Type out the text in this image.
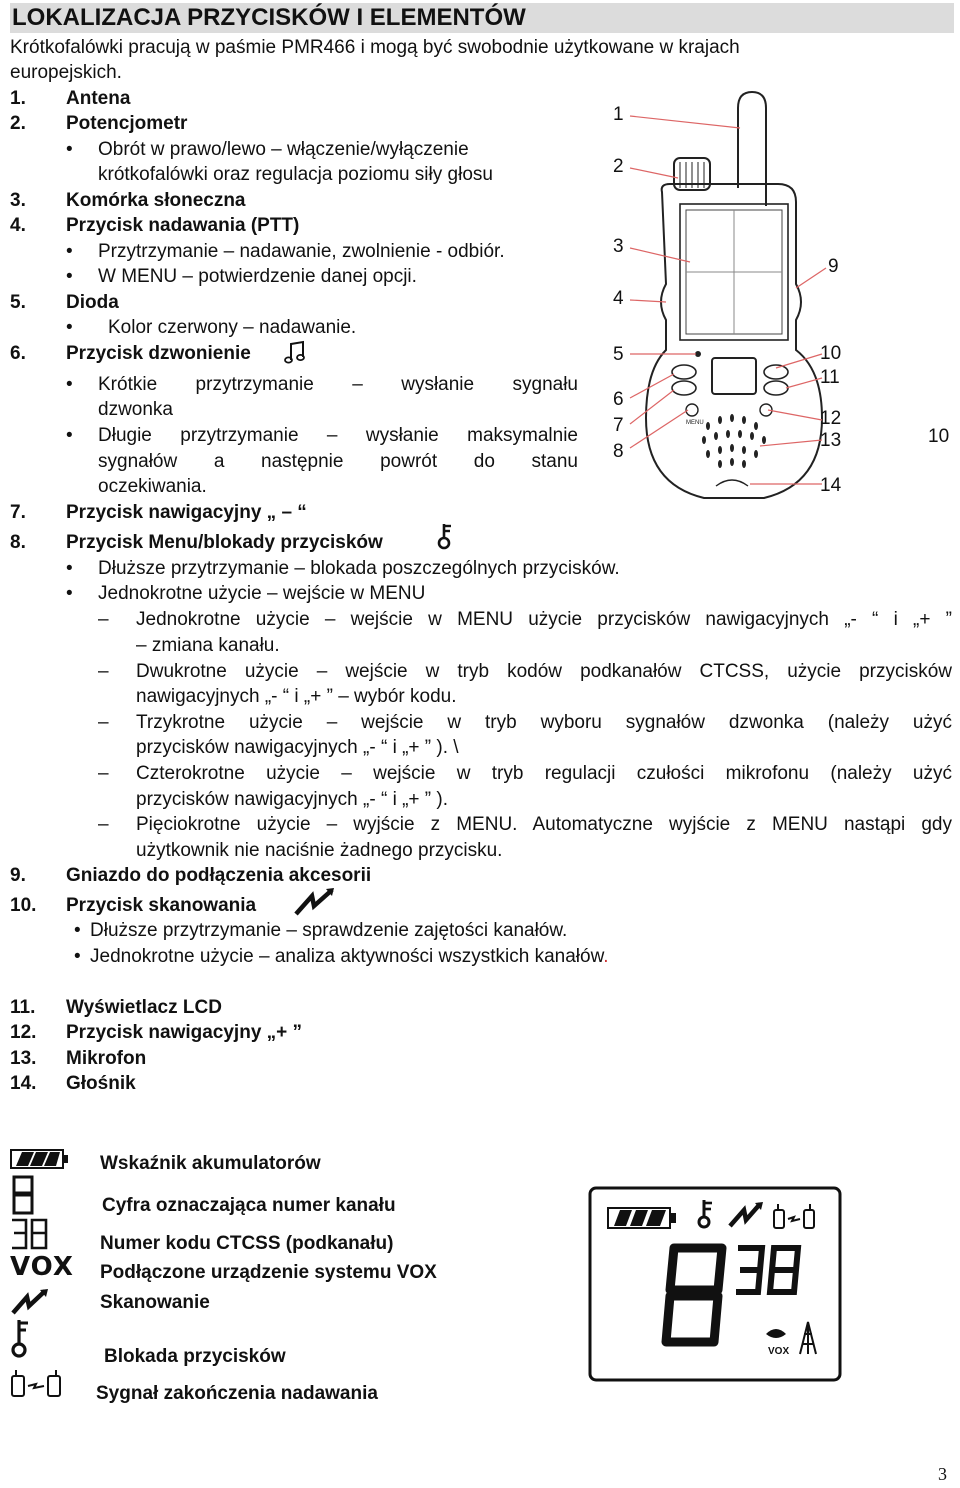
LOKALIZACJA PRZYCISKÓW I ELEMENTÓW
Krótkofalówki pracują w paśmie PMR466 i mogą być swobodnie użytkowane w krajach
europejskich.
1. Antena
2. Potencjometr
• Obrót w prawo/lewo – włączenie/wyłączenie
krótkofalówki oraz regulacja poziomu siły głosu
3. Komórka słoneczna
4. Przycisk nadawania (PTT)
• Przytrzymanie – nadawanie, zwolnienie - odbiór.
• W MENU – potwierdzenie danej opcji.
5. Dioda
• Kolor czerwony – nadawanie.
6. Przycisk dzwonienie
• Krótkie przytrzymanie – wysłanie sygnału
dzwonka
• Długie przytrzymanie – wysłanie maksymalnie
sygnałów a następnie powrót do stanu
oczekiwania.
7. Przycisk nawigacyjny „ – “
8. Przycisk Menu/blokady przycisków
• Dłuższe przytrzymanie – blokada poszczególnych przycisków.
• Jednokrotne użycie – wejście w MENU
– Jednokrotne użycie – wejście w MENU użycie przycisków nawigacyjnych „- “ i „+ ”
– zmiana kanału.
– Dwukrotne użycie – wejście w tryb kodów podkanałów CTCSS, użycie przycisków
nawigacyjnych „- “ i „+ ” – wybór kodu.
– Trzykrotne użycie – wejście w tryb wyboru sygnałów dzwonka (należy użyć
przycisków nawigacyjnych „- “ i „+ ” ). \
– Czterokrotne użycie – wejście w tryb regulacji czułości mikrofonu (należy użyć
przycisków nawigacyjnych „- “ i „+ ” ).
– Pięciokrotne użycie – wyjście z MENU. Automatyczne wyjście z MENU nastąpi gdy
użytkownik nie naciśnie żadnego przycisku.
9. Gniazdo do podłączenia akcesorii
10. Przycisk skanowania
• Dłuższe przytrzymanie – sprawdzenie zajętości kanałów.
• Jednokrotne użycie – analiza aktywności wszystkich kanałów.
11. Wyświetlacz LCD
12. Przycisk nawigacyjny „+ ”
13. Mikrofon
14. Głośnik
MENU
1
2
3
4
5
6
7
8
9
10
11
12
13
14
10
VOX
Wskaźnik akumulatorów
Cyfra oznaczająca numer kanału
Numer kodu CTCSS (podkanału)
Podłączone urządzenie systemu VOX
Skanowanie
Blokada przycisków
Sygnał zakończenia nadawania
VOX
3
